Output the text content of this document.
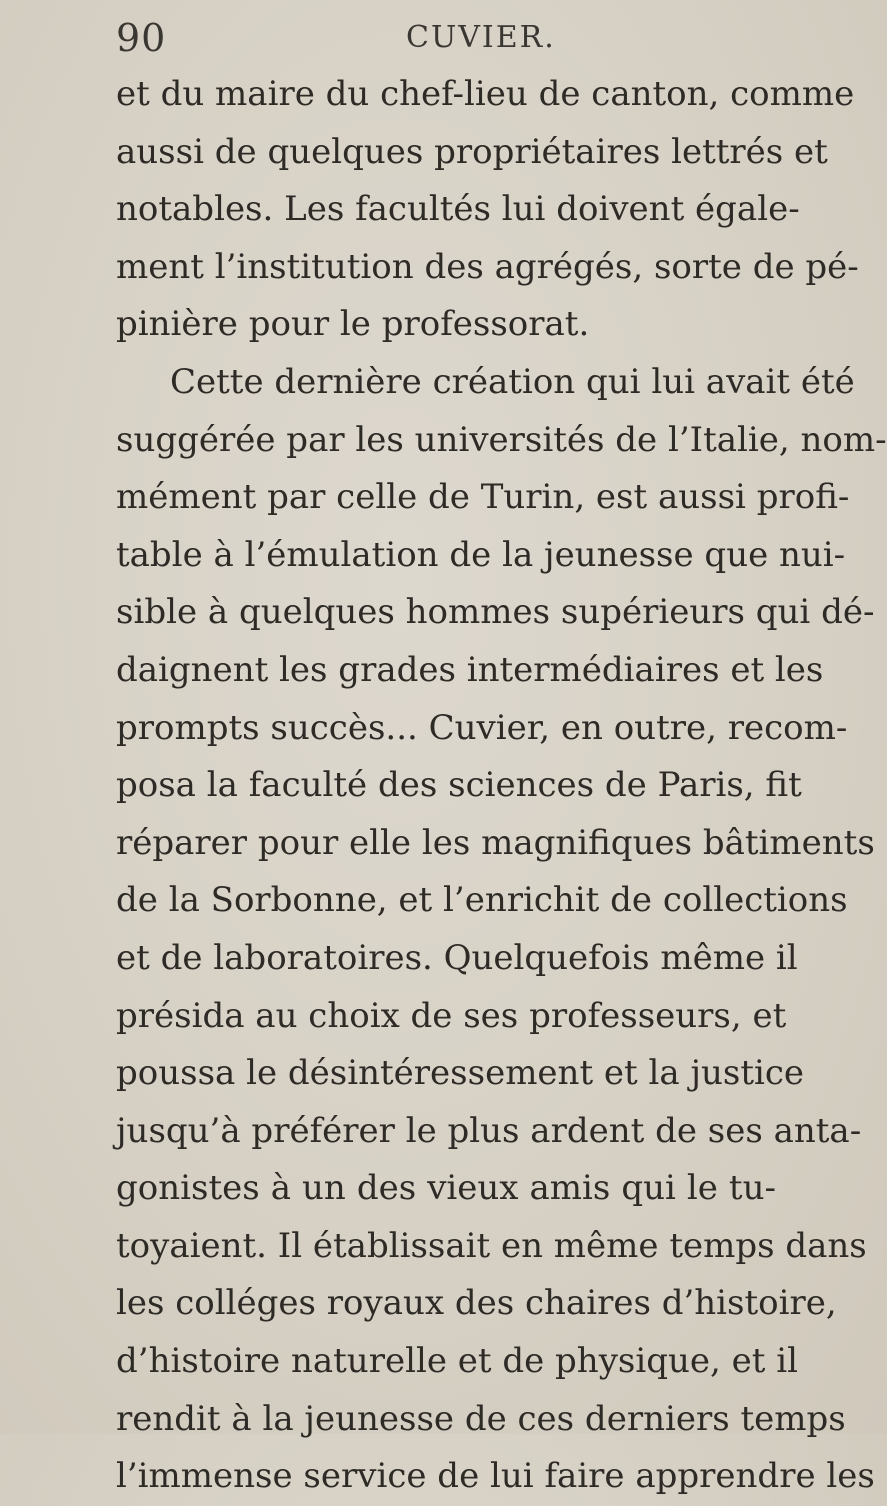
90	CUVIER.
et du maire du chef-lieu de canton, comme
aussi de quelques propriétaires lettrés et
notables. Les facultés lui doivent égale-
ment l’institution des agrégés, sorte de pé-
pinière pour le professorat.
Cette dernière création qui lui avait été
suggérée par les universités de l’Italie, nom-
mément par celle de Turin, est aussi profi-
table à l’émulation de la jeunesse que nui-
sible à quelques hommes supérieurs qui dé-
daignent les grades intermédiaires et les
prompts succès... Cuvier, en outre, recom-
posa la faculté des sciences de Paris, fit
réparer pour elle les magnifiques bâtiments
de la Sorbonne, et l’enrichit de collections
et de laboratoires. Quelquefois même il
présida au choix de ses professeurs, et
poussa le désintéressement et la justice
jusqu’à préférer le plus ardent de ses anta-
gonistes à un des vieux amis qui le tu-
toyaient. Il établissait en même temps dans
les colléges royaux des chaires d’histoire,
d’histoire naturelle et de physique, et il
rendit à la jeunesse de ces derniers temps
l’immense service de lui faire apprendre les
